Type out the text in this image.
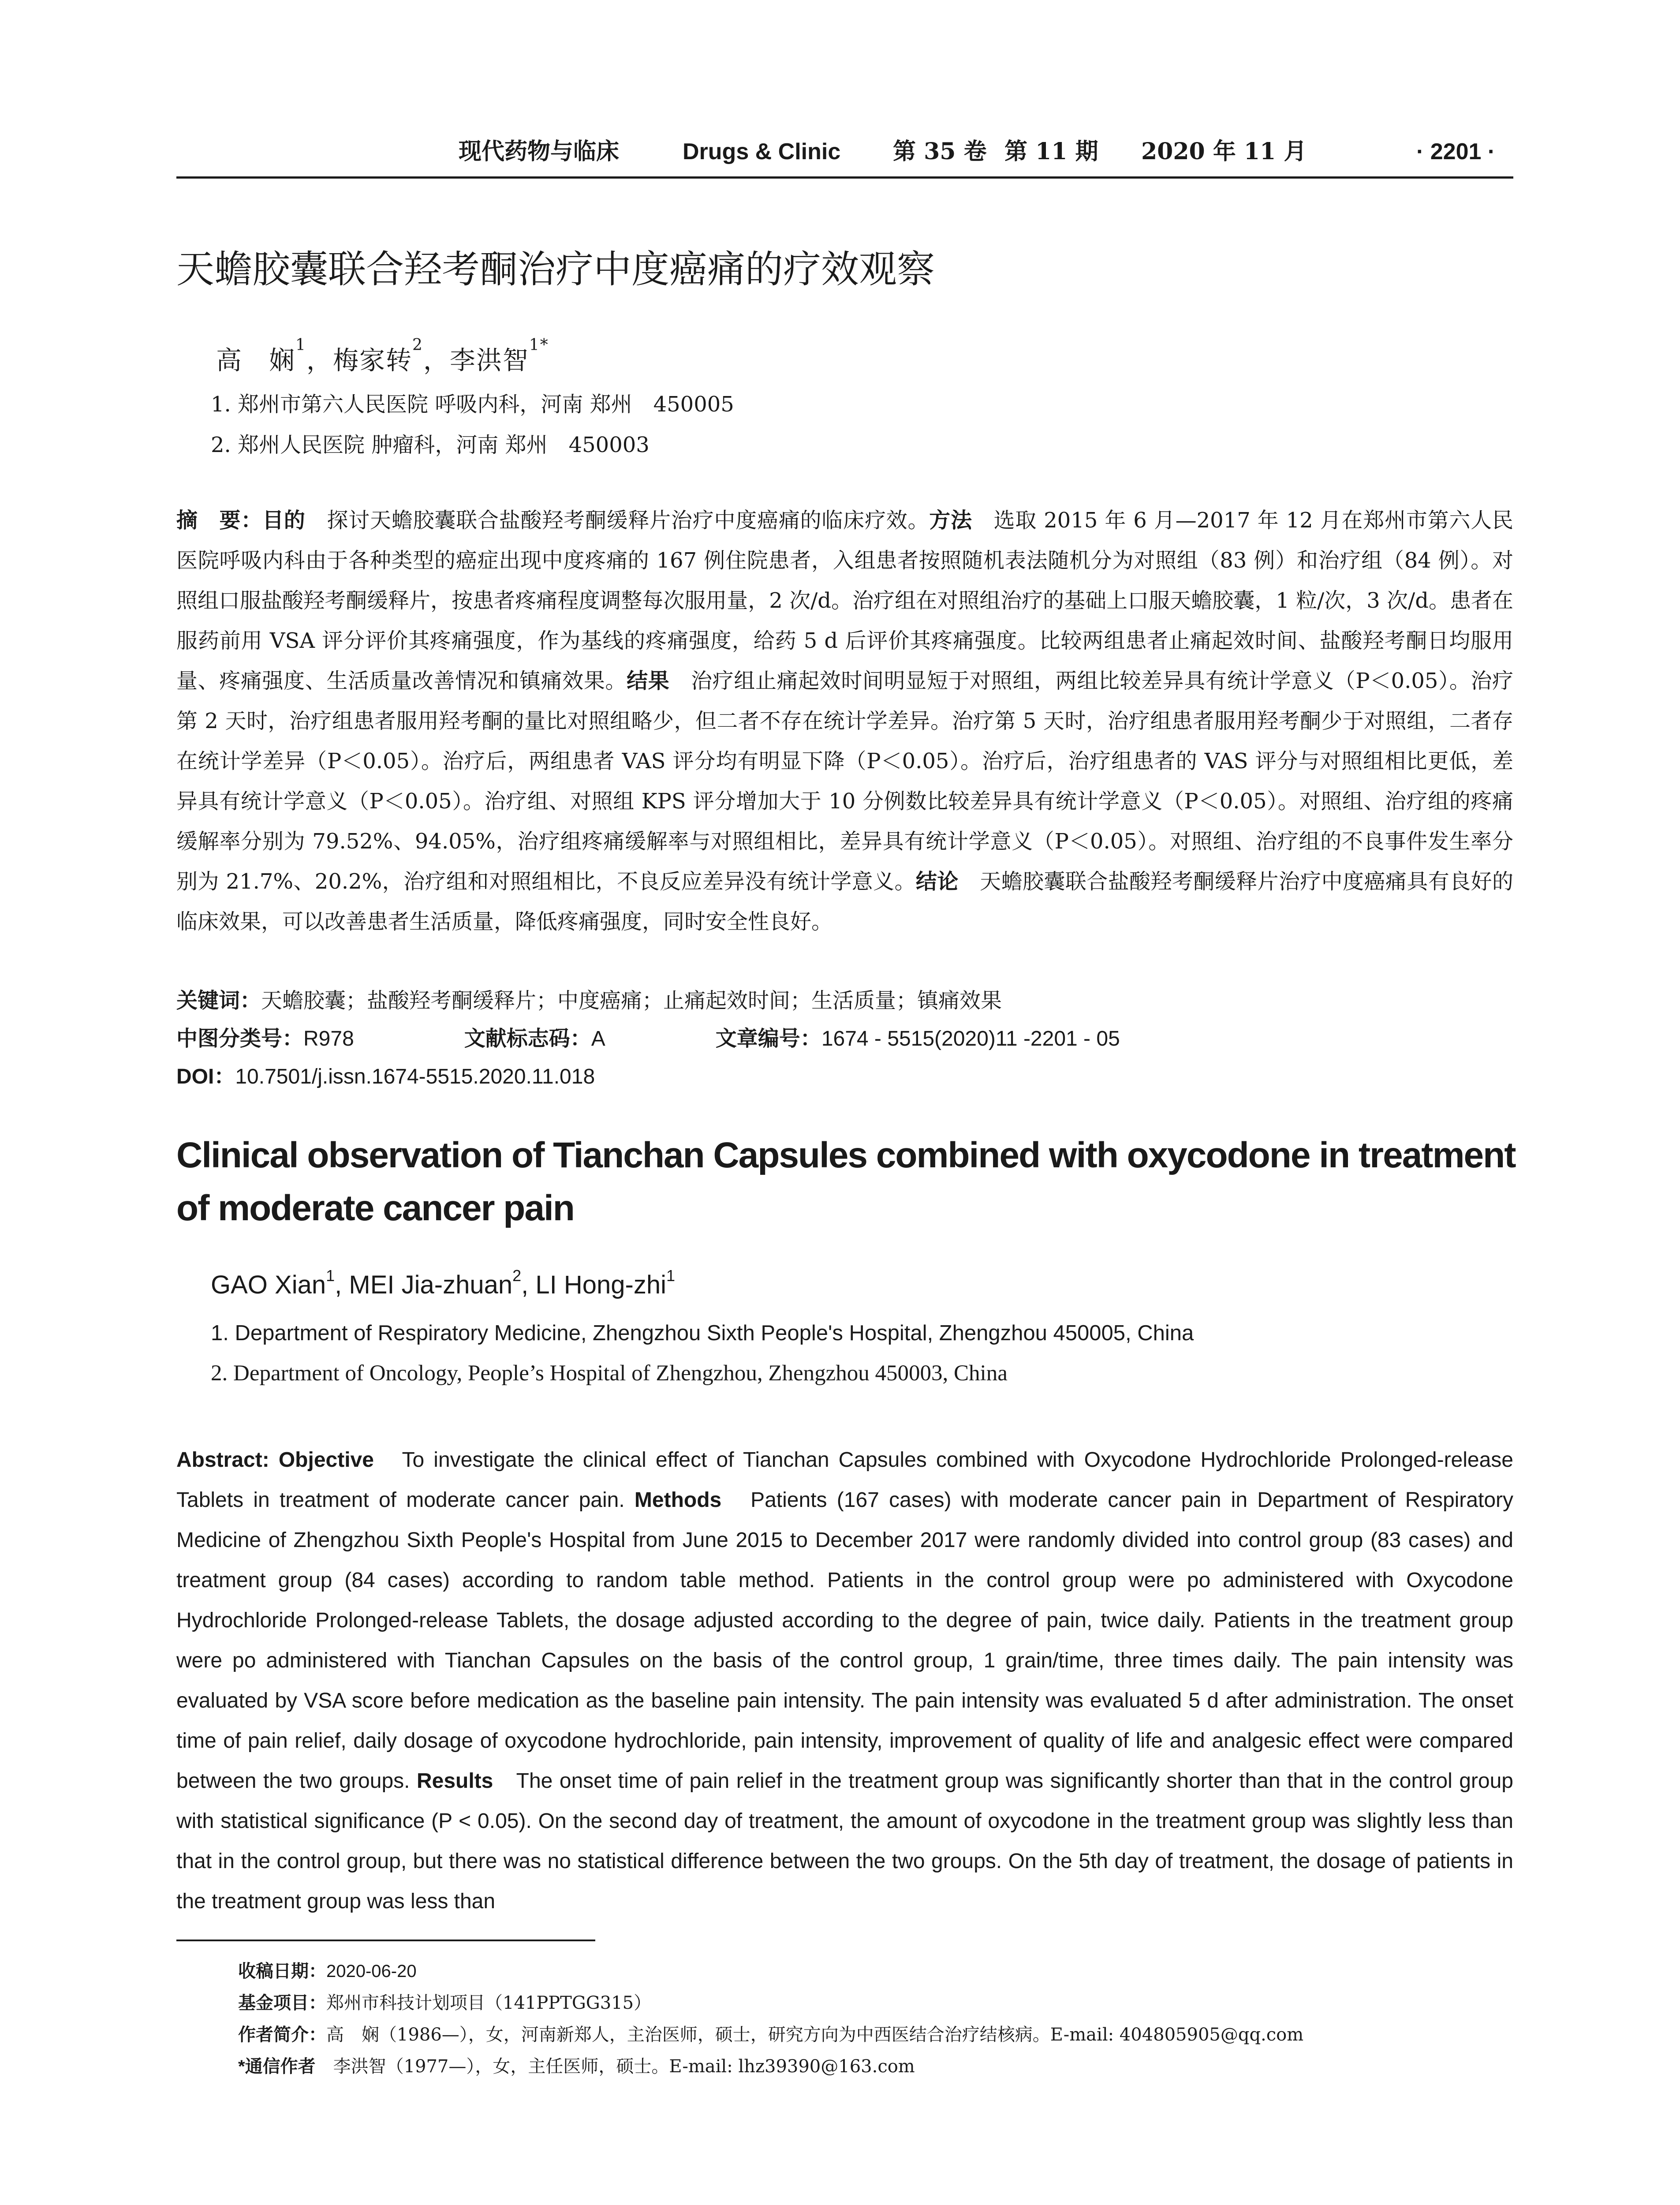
现代药物与临床	Drugs & Clinic 第 35 卷 第 11 期 2020 年 11 月	· 2201 ·
天蟾胶囊联合羟考酮治疗中度癌痛的疗效观察
高　娴$^1$，梅家转$^2$，李洪智$^{1*}$
1. 郑州市第六人民医院 呼吸内科，河南 郑州　450005
2. 郑州人民医院 肿瘤科，河南 郑州　450003
摘　要：目的　探讨天蟾胶囊联合盐酸羟考酮缓释片治疗中度癌痛的临床疗效。方法　选取 2015 年 6 月—2017 年 12 月在郑州市第六人民医院呼吸内科由于各种类型的癌症出现中度疼痛的 167 例住院患者，入组患者按照随机表法随机分为对照组（83 例）和治疗组（84 例）。对照组口服盐酸羟考酮缓释片，按患者疼痛程度调整每次服用量，2 次/d。治疗组在对照组治疗的基础上口服天蟾胶囊，1 粒/次，3 次/d。患者在服药前用 VSA 评分评价其疼痛强度，作为基线的疼痛强度，给药 5 d 后评价其疼痛强度。比较两组患者止痛起效时间、盐酸羟考酮日均服用量、疼痛强度、生活质量改善情况和镇痛效果。结果　治疗组止痛起效时间明显短于对照组，两组比较差异具有统计学意义（P＜0.05）。治疗第 2 天时，治疗组患者服用羟考酮的量比对照组略少，但二者不存在统计学差异。治疗第 5 天时，治疗组患者服用羟考酮少于对照组，二者存在统计学差异（P＜0.05）。治疗后，两组患者 VAS 评分均有明显下降（P＜0.05）。治疗后，治疗组患者的 VAS 评分与对照组相比更低，差异具有统计学意义（P＜0.05）。治疗组、对照组 KPS 评分增加大于 10 分例数比较差异具有统计学意义（P＜0.05）。对照组、治疗组的疼痛缓解率分别为 79.52%、94.05%，治疗组疼痛缓解率与对照组相比，差异具有统计学意义（P＜0.05）。对照组、治疗组的不良事件发生率分别为 21.7%、20.2%，治疗组和对照组相比，不良反应差异没有统计学意义。结论　天蟾胶囊联合盐酸羟考酮缓释片治疗中度癌痛具有良好的临床效果，可以改善患者生活质量，降低疼痛强度，同时安全性良好。
关键词：天蟾胶囊；盐酸羟考酮缓释片；中度癌痛；止痛起效时间；生活质量；镇痛效果
中图分类号：R978	文献标志码：A	文章编号：1674 - 5515(2020)11 -2201 - 05
DOI：10.7501/j.issn.1674-5515.2020.11.018
Clinical observation of Tianchan Capsules combined with oxycodone in treatment of moderate cancer pain
GAO Xian$^1$, MEI Jia-zhuan$^2$, LI Hong-zhi$^1$
1. Department of Respiratory Medicine, Zhengzhou Sixth People's Hospital, Zhengzhou 450005, China
2. Department of Oncology, People’s Hospital of Zhengzhou, Zhengzhou 450003, China
Abstract: Objective　To investigate the clinical effect of Tianchan Capsules combined with Oxycodone Hydrochloride Prolonged-release Tablets in treatment of moderate cancer pain. Methods　Patients (167 cases) with moderate cancer pain in Department of Respiratory Medicine of Zhengzhou Sixth People's Hospital from June 2015 to December 2017 were randomly divided into control group (83 cases) and treatment group (84 cases) according to random table method. Patients in the control group were po administered with Oxycodone Hydrochloride Prolonged-release Tablets, the dosage adjusted according to the degree of pain, twice daily. Patients in the treatment group were po administered with Tianchan Capsules on the basis of the control group, 1 grain/time, three times daily. The pain intensity was evaluated by VSA score before medication as the baseline pain intensity. The pain intensity was evaluated 5 d after administration. The onset time of pain relief, daily dosage of oxycodone hydrochloride, pain intensity, improvement of quality of life and analgesic effect were compared between the two groups. Results　The onset time of pain relief in the treatment group was significantly shorter than that in the control group with statistical significance (P < 0.05). On the second day of treatment, the amount of oxycodone in the treatment group was slightly less than that in the control group, but there was no statistical difference between the two groups. On the 5th day of treatment, the dosage of patients in the treatment group was less than
收稿日期：2020-06-20
基金项目：郑州市科技计划项目（141PPTGG315）
作者简介：高　娴（1986—），女，河南新郑人，主治医师，硕士，研究方向为中西医结合治疗结核病。E-mail: 404805905@qq.com
*通信作者　李洪智（1977—），女，主任医师，硕士。E-mail: lhz39390@163.com
